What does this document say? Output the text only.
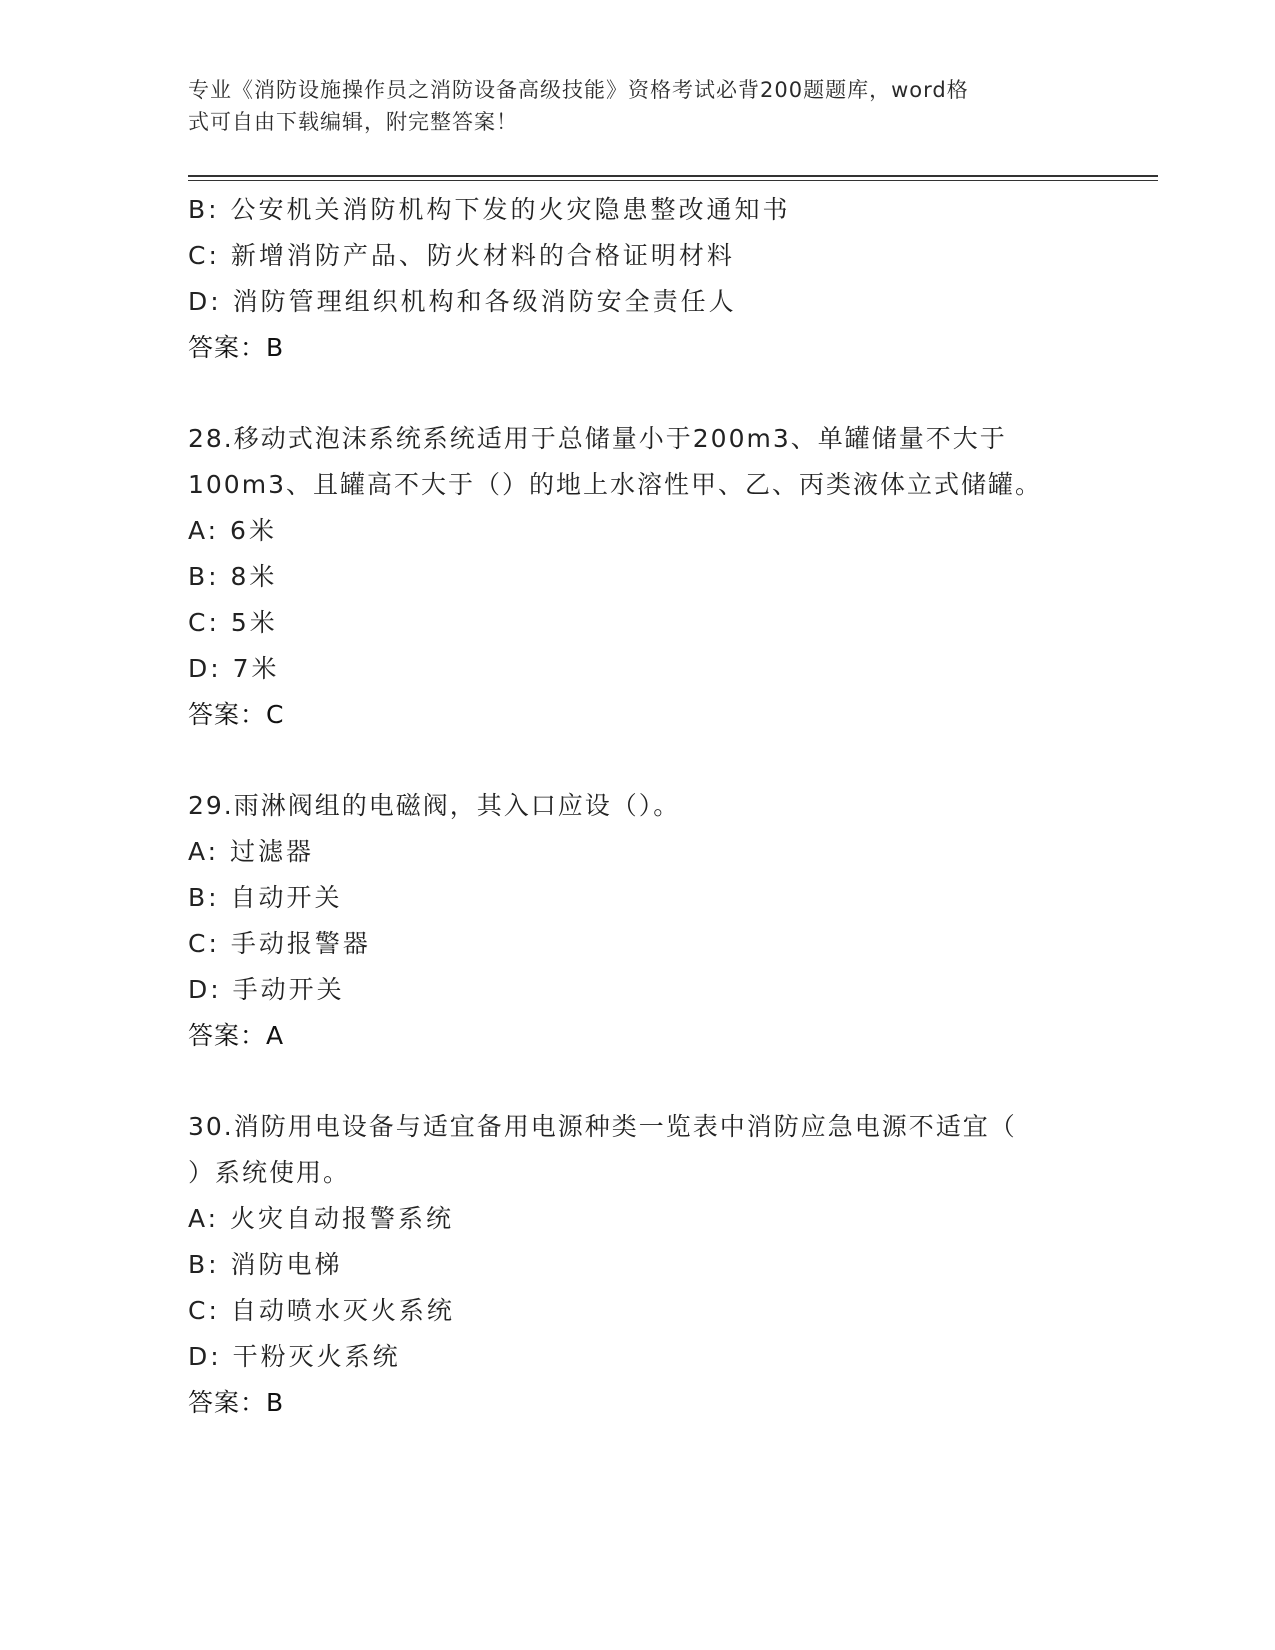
专业《消防设施操作员之消防设备高级技能》资格考试必背200题题库，word格
式可自由下载编辑，附完整答案！
B: 公安机关消防机构下发的火灾隐患整改通知书
C: 新增消防产品、防火材料的合格证明材料
D: 消防管理组织机构和各级消防安全责任人
答案：B
28.移动式泡沫系统系统适用于总储量小于200m3、单罐储量不大于
100m3、且罐高不大于（）的地上水溶性甲、乙、丙类液体立式储罐。
A: 6米
B: 8米
C: 5米
D: 7米
答案：C
29.雨淋阀组的电磁阀，其入口应设（）。
A: 过滤器
B: 自动开关
C: 手动报警器
D: 手动开关
答案：A
30.消防用电设备与适宜备用电源种类一览表中消防应急电源不适宜（
）系统使用。
A: 火灾自动报警系统
B: 消防电梯
C: 自动喷水灭火系统
D: 干粉灭火系统
答案：B
